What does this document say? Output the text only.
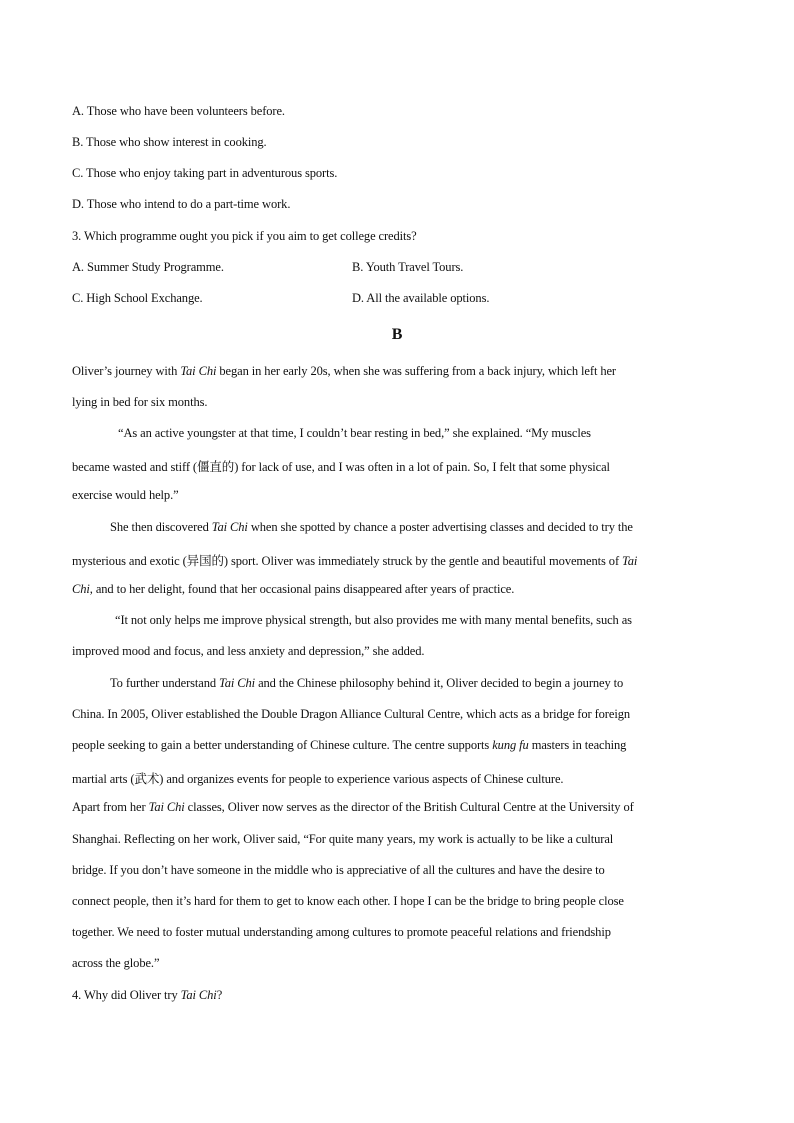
A. Those who have been volunteers before.
B. Those who show interest in cooking.
C. Those who enjoy taking part in adventurous sports.
D. Those who intend to do a part-time work.
3. Which programme ought you pick if you aim to get college credits?
A. Summer Study Programme.	B. Youth Travel Tours.
C. High School Exchange.	D. All the available options.
B
Oliver’s journey with Tai Chi began in her early 20s, when she was suffering from a back injury, which left her
lying in bed for six months.
“As an active youngster at that time, I couldn’t bear resting in bed,” she explained. “My muscles
became wasted and stiff (僵直的) for lack of use, and I was often in a lot of pain. So, I felt that some physical
exercise would help.”
She then discovered Tai Chi when she spotted by chance a poster advertising classes and decided to try the
mysterious and exotic (异国的) sport. Oliver was immediately struck by the gentle and beautiful movements of Tai
Chi, and to her delight, found that her occasional pains disappeared after years of practice.
“It not only helps me improve physical strength, but also provides me with many mental benefits, such as
improved mood and focus, and less anxiety and depression,” she added.
To further understand Tai Chi and the Chinese philosophy behind it, Oliver decided to begin a journey to
China. In 2005, Oliver established the Double Dragon Alliance Cultural Centre, which acts as a bridge for foreign
people seeking to gain a better understanding of Chinese culture. The centre supports kung fu masters in teaching
martial arts (武术) and organizes events for people to experience various aspects of Chinese culture.
Apart from her Tai Chi classes, Oliver now serves as the director of the British Cultural Centre at the University of
Shanghai. Reflecting on her work, Oliver said, “For quite many years, my work is actually to be like a cultural
bridge. If you don’t have someone in the middle who is appreciative of all the cultures and have the desire to
connect people, then it’s hard for them to get to know each other. I hope I can be the bridge to bring people close
together. We need to foster mutual understanding among cultures to promote peaceful relations and friendship
across the globe.”
4. Why did Oliver try Tai Chi?
